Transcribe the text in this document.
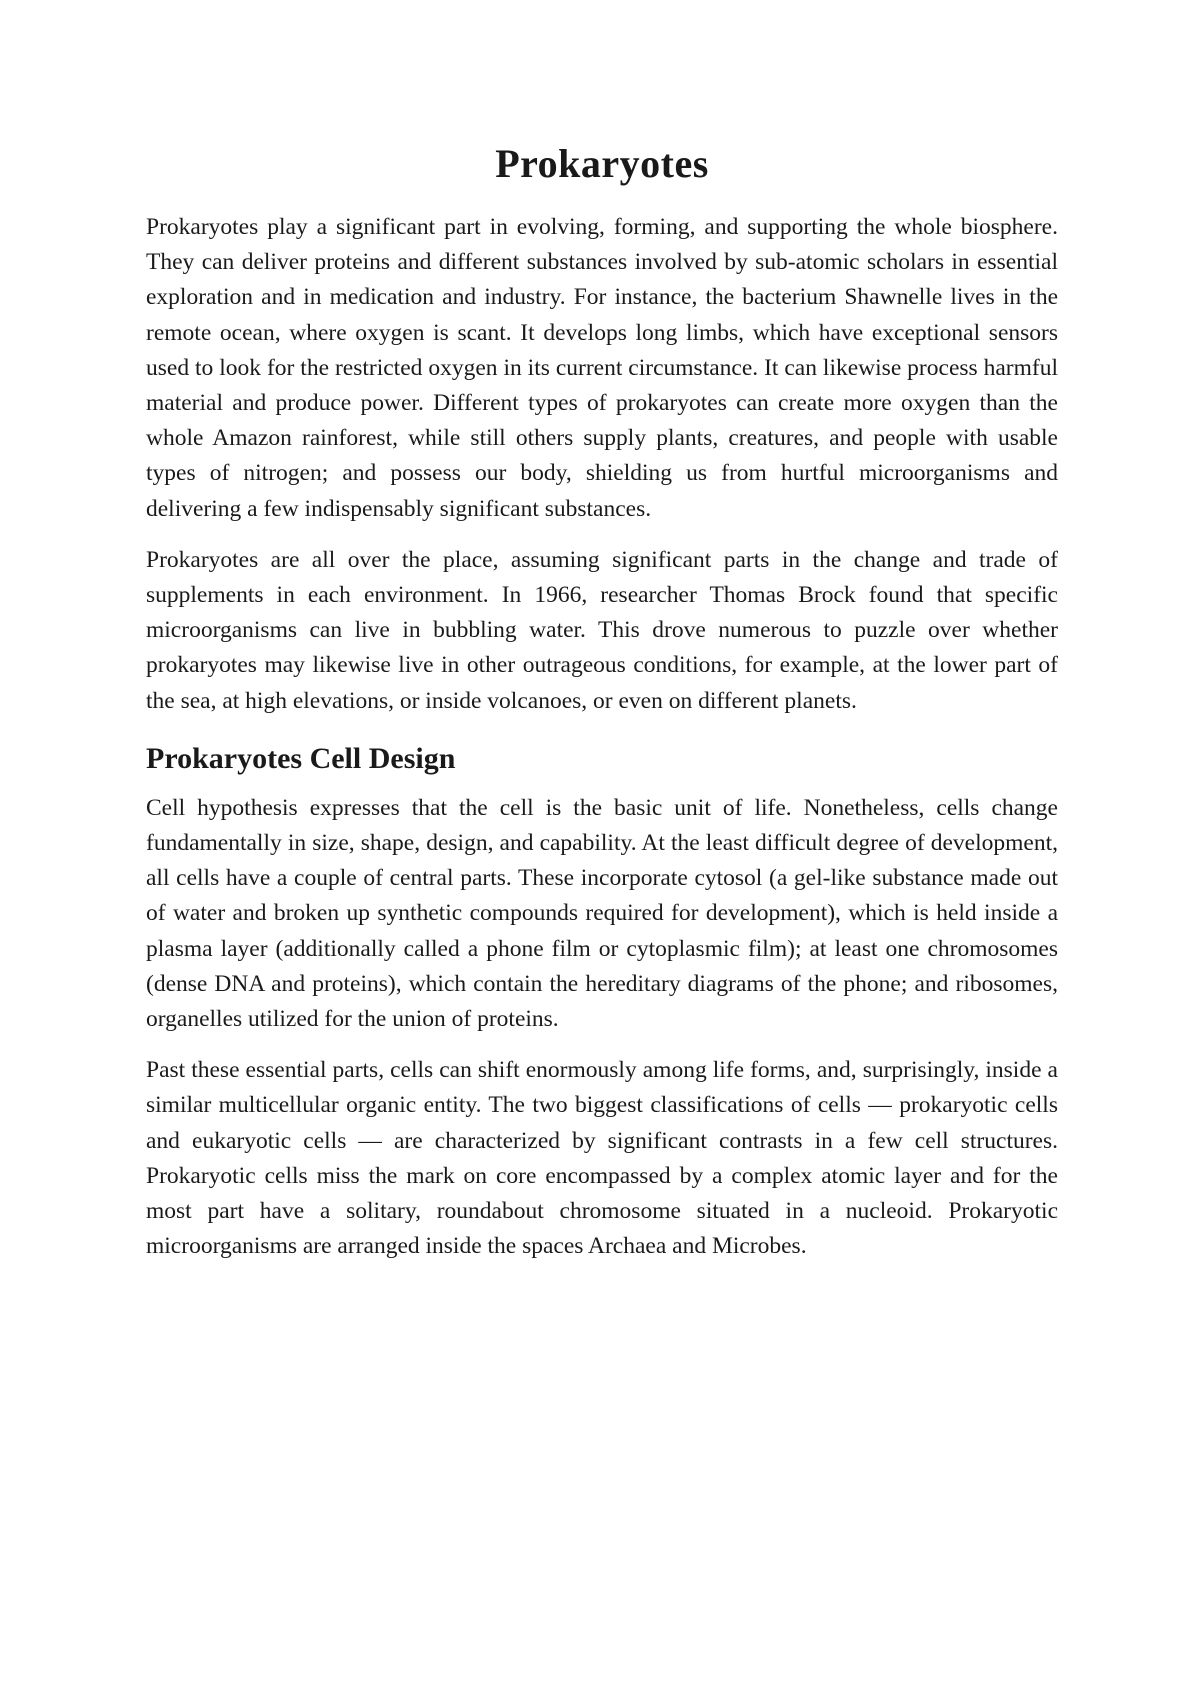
Prokaryotes

Prokaryotes play a significant part in evolving, forming, and supporting the whole biosphere. They can deliver proteins and different substances involved by sub-atomic scholars in essential exploration and in medication and industry. For instance, the bacterium Shawnelle lives in the remote ocean, where oxygen is scant. It develops long limbs, which have exceptional sensors used to look for the restricted oxygen in its current circumstance. It can likewise process harmful material and produce power. Different types of prokaryotes can create more oxygen than the whole Amazon rainforest, while still others supply plants, creatures, and people with usable types of nitrogen; and possess our body, shielding us from hurtful microorganisms and delivering a few indispensably significant substances.

Prokaryotes are all over the place, assuming significant parts in the change and trade of supplements in each environment. In 1966, researcher Thomas Brock found that specific microorganisms can live in bubbling water. This drove numerous to puzzle over whether prokaryotes may likewise live in other outrageous conditions, for example, at the lower part of the sea, at high elevations, or inside volcanoes, or even on different planets.

Prokaryotes Cell Design

Cell hypothesis expresses that the cell is the basic unit of life. Nonetheless, cells change fundamentally in size, shape, design, and capability. At the least difficult degree of development, all cells have a couple of central parts. These incorporate cytosol (a gel-like substance made out of water and broken up synthetic compounds required for development), which is held inside a plasma layer (additionally called a phone film or cytoplasmic film); at least one chromosomes (dense DNA and proteins), which contain the hereditary diagrams of the phone; and ribosomes, organelles utilized for the union of proteins.

Past these essential parts, cells can shift enormously among life forms, and, surprisingly, inside a similar multicellular organic entity. The two biggest classifications of cells — prokaryotic cells and eukaryotic cells — are characterized by significant contrasts in a few cell structures. Prokaryotic cells miss the mark on core encompassed by a complex atomic layer and for the most part have a solitary, roundabout chromosome situated in a nucleoid. Prokaryotic microorganisms are arranged inside the spaces Archaea and Microbes.
